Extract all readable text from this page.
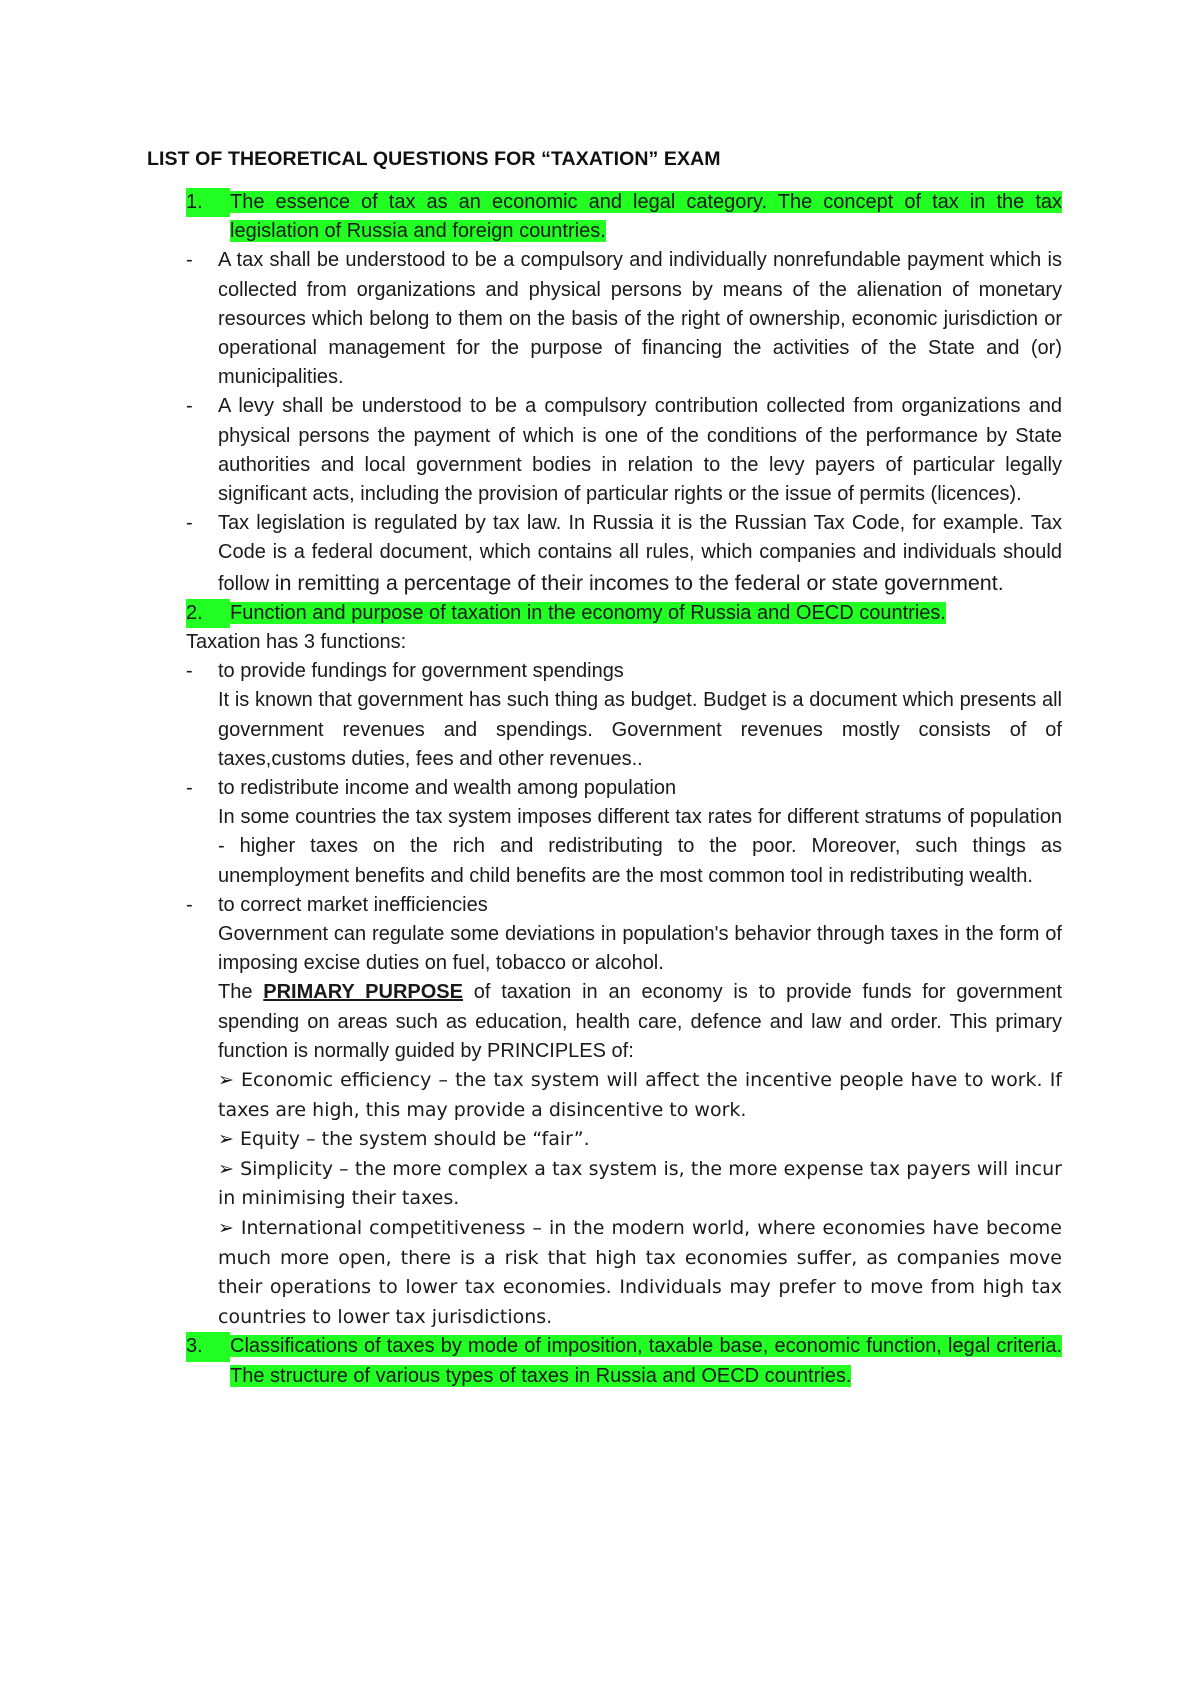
LIST OF THEORETICAL QUESTIONS FOR “TAXATION” EXAM
1.	The essence of tax as an economic and legal category. The concept of tax in the tax legislation of Russia and foreign countries.
- A tax shall be understood to be a compulsory and individually nonrefundable payment which is collected from organizations and physical persons by means of the alienation of monetary resources which belong to them on the basis of the right of ownership, economic jurisdiction or operational management for the purpose of financing the activities of the State and (or) municipalities.
- A levy shall be understood to be a compulsory contribution collected from organizations and physical persons the payment of which is one of the conditions of the performance by State authorities and local government bodies in relation to the levy payers of particular legally significant acts, including the provision of particular rights or the issue of permits (licences).
- Tax legislation is regulated by tax law. In Russia it is the Russian Tax Code, for example. Tax Code is a federal document, which contains all rules, which companies and individuals should follow in remitting a percentage of their incomes to the federal or state government.
2.	Function and purpose of taxation in the economy of Russia and OECD countries.

Taxation has 3 functions:

- to provide fundings for government spendings
It is known that government has such thing as budget. Budget is a document which presents all government revenues and spendings. Government revenues mostly consists of of taxes,customs duties, fees and other revenues..
- to redistribute income and wealth among population
In some countries the tax system imposes different tax rates for different stratums of population - higher taxes on the rich and redistributing to the poor. Moreover, such things as unemployment benefits and child benefits are the most common tool in redistributing wealth.
- to correct market inefficiencies
Government can regulate some deviations in population's behavior through taxes in the form of imposing excise duties on fuel, tobacco or alcohol.
The PRIMARY PURPOSE of taxation in an economy is to provide funds for government spending on areas such as education, health care, defence and law and order. This primary function is normally guided by PRINCIPLES of:
➢ Economic efficiency – the tax system will affect the incentive people have to work. If taxes are high, this may provide a disincentive to work.
➢ Equity – the system should be “fair”.
➢ Simplicity – the more complex a tax system is, the more expense tax payers will incur in minimising their taxes.
➢ International competitiveness – in the modern world, where economies have become much more open, there is a risk that high tax economies suffer, as companies move their operations to lower tax economies. Individuals may prefer to move from high tax countries to lower tax jurisdictions.
3.	Classifications of taxes by mode of imposition, taxable base, economic function, legal criteria. The structure of various types of taxes in Russia and OECD countries.
